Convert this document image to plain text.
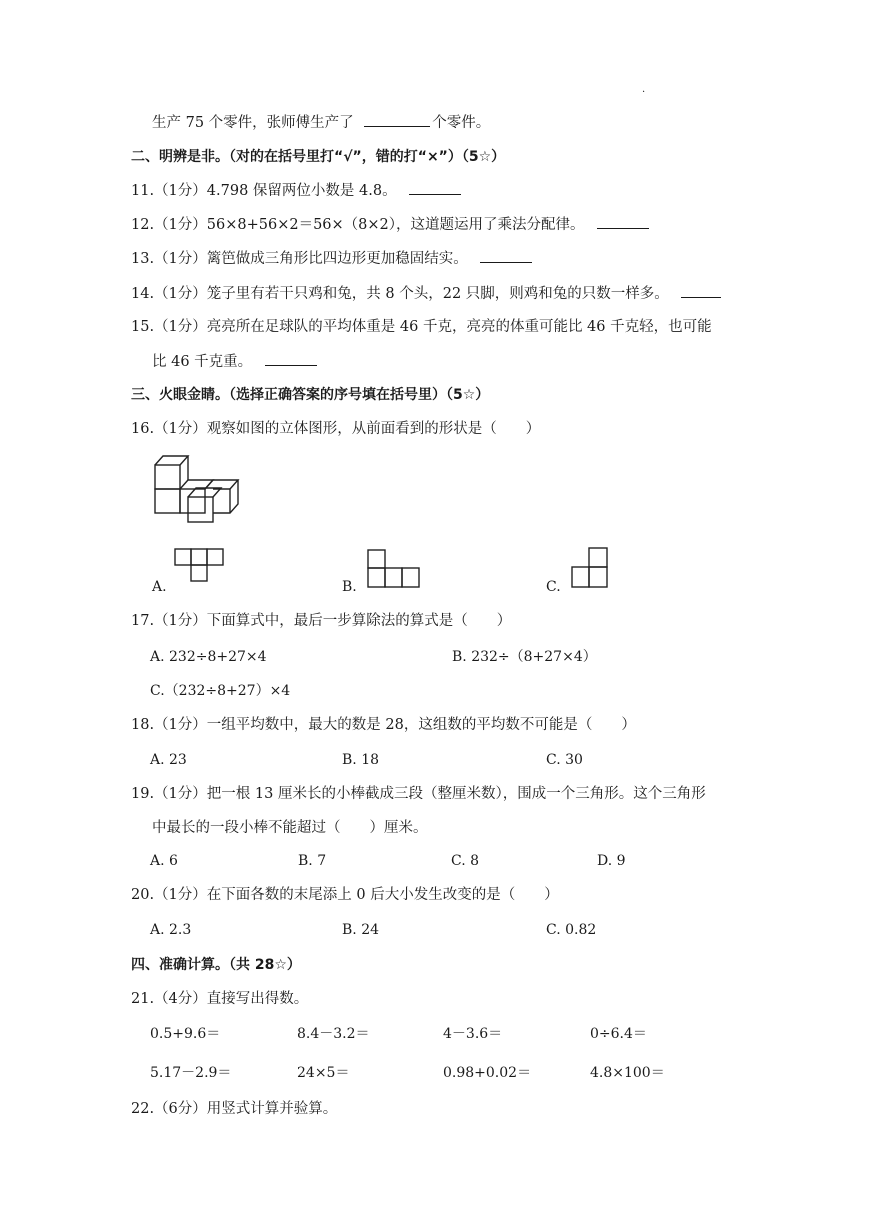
.
生产 75 个零件，张师傅生产了	个零件。
二、明辨是非。（对的在括号里打“√”，错的打“×”）（5☆）
11.（1分）4.798 保留两位小数是 4.8。
12.（1分）56×8+56×2＝56×（8×2），这道题运用了乘法分配律。
13.（1分）篱笆做成三角形比四边形更加稳固结实。
14.（1分）笼子里有若干只鸡和兔，共 8 个头，22 只脚，则鸡和兔的只数一样多。
15.（1分）亮亮所在足球队的平均体重是 46 千克，亮亮的体重可能比 46 千克轻，也可能
比 46 千克重。
三、火眼金睛。（选择正确答案的序号填在括号里）（5☆）
16.（1分）观察如图的立体图形，从前面看到的形状是（　　）
A.	B.	C.
17.（1分）下面算式中，最后一步算除法的算式是（　　）
A. 232÷8+27×4	B. 232÷（8+27×4）
C.（232÷8+27）×4
18.（1分）一组平均数中，最大的数是 28，这组数的平均数不可能是（　　）
A. 23	B. 18	C. 30
19.（1分）把一根 13 厘米长的小棒截成三段（整厘米数），围成一个三角形。这个三角形
中最长的一段小棒不能超过（　　）厘米。
A. 6	B. 7	C. 8	D. 9
20.（1分）在下面各数的末尾添上 0 后大小发生改变的是（　　）
A. 2.3	B. 24	C. 0.82
四、准确计算。（共 28☆）
21.（4分）直接写出得数。
0.5+9.6＝	8.4－3.2＝	4－3.6＝	0÷6.4＝
5.17－2.9＝	24×5＝	0.98+0.02＝	4.8×100＝
22.（6分）用竖式计算并验算。
